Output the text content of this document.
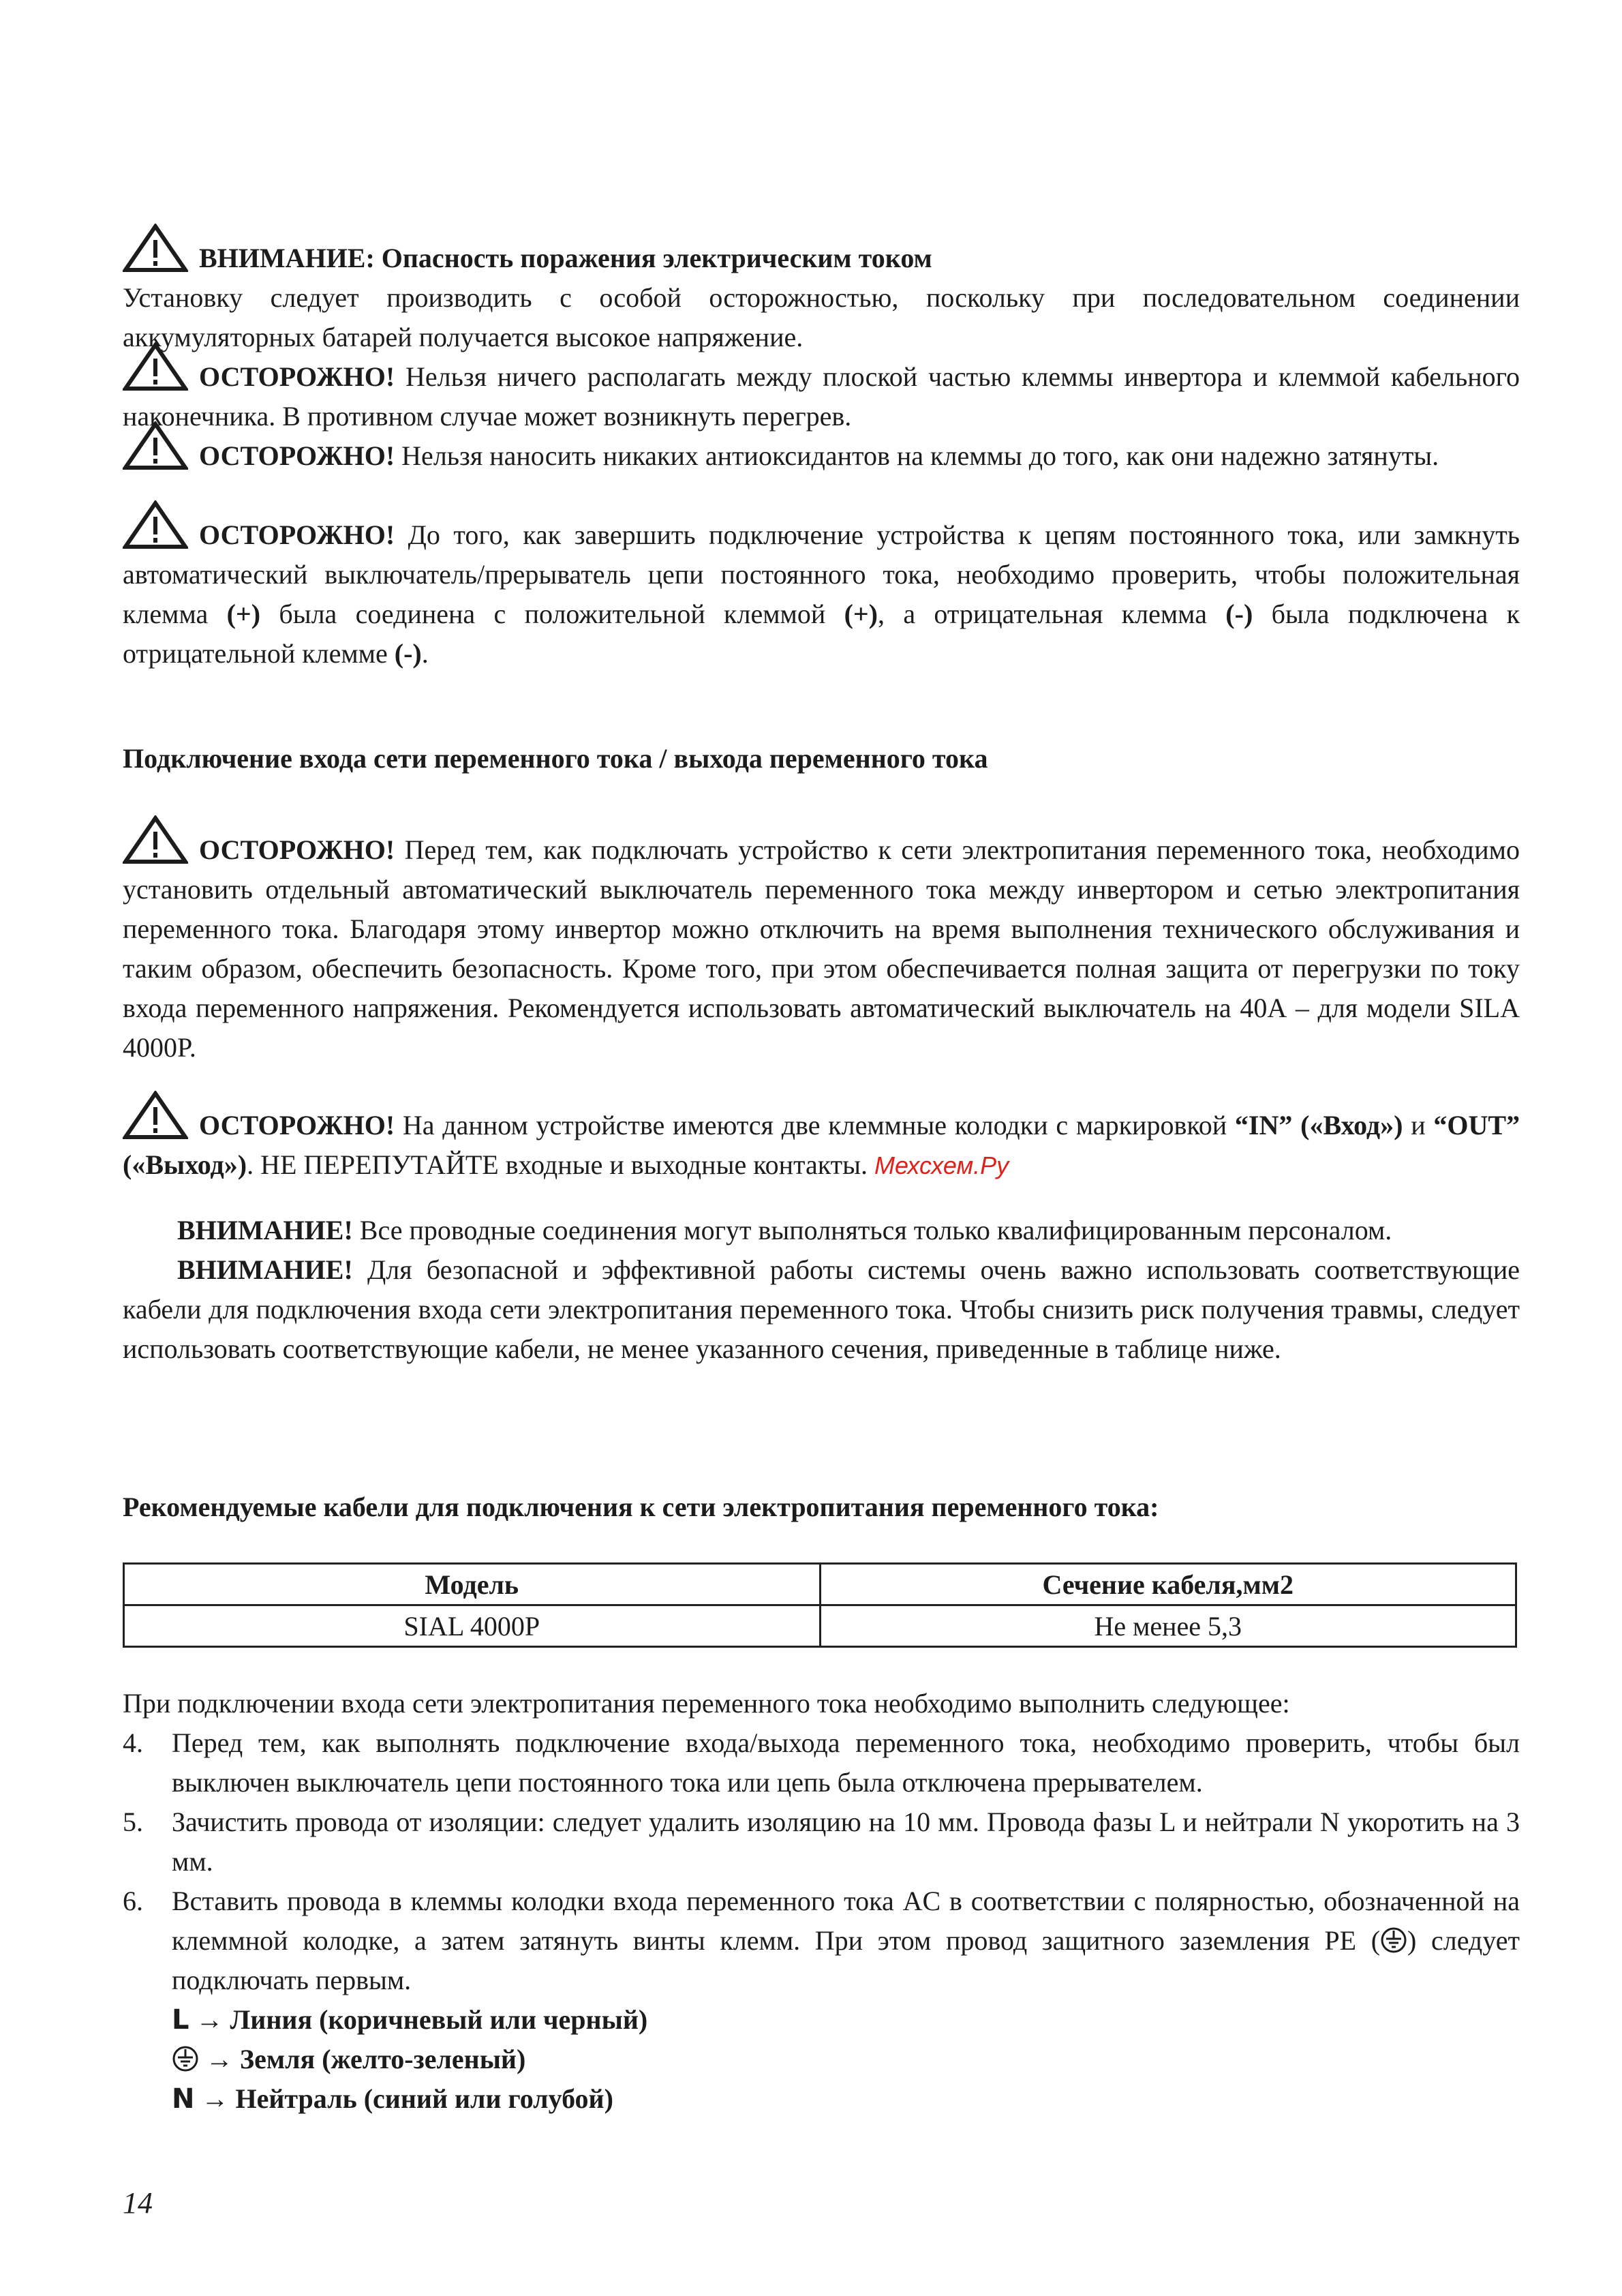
ВНИМАНИЕ: Опасность поражения электрическим током
Установку следует производить с особой осторожностью, поскольку при последовательном соединении аккумуляторных батарей получается высокое напряжение.

ОСТОРОЖНО! Нельзя ничего располагать между плоской частью клеммы инвертора и клеммой кабельного наконечника. В противном случае может возникнуть перегрев.

ОСТОРОЖНО! Нельзя наносить никаких антиоксидантов на клеммы до того, как они надежно затянуты.

ОСТОРОЖНО! До того, как завершить подключение устройства к цепям постоянного тока, или замкнуть автоматический выключатель/прерыватель цепи постоянного тока, необходимо проверить, чтобы положительная клемма (+) была соединена с положительной клеммой (+), а отрицательная клемма (-) была подключена к отрицательной клемме (-).

Подключение входа сети переменного тока / выхода переменного тока

ОСТОРОЖНО! Перед тем, как подключать устройство к сети электропитания переменного тока, необходимо установить отдельный автоматический выключатель переменного тока между инвертором и сетью электропитания переменного тока. Благодаря этому инвертор можно отключить на время выполнения технического обслуживания и таким образом, обеспечить безопасность. Кроме того, при этом обеспечивается полная защита от перегрузки по току входа переменного напряжения. Рекомендуется использовать автоматический выключатель на 40А – для модели SILA 4000P.

ОСТОРОЖНО! На данном устройстве имеются две клеммные колодки с маркировкой “IN” («Вход») и “OUT” («Выход»). НЕ ПЕРЕПУТАЙТЕ входные и выходные контакты. Мехсхем.Ру

ВНИМАНИЕ! Все проводные соединения могут выполняться только квалифицированным персоналом.

ВНИМАНИЕ! Для безопасной и эффективной работы системы очень важно использовать соответствующие кабели для подключения входа сети электропитания переменного тока. Чтобы снизить риск получения травмы, следует использовать соответствующие кабели, не менее указанного сечения, приведенные в таблице ниже.

Рекомендуемые кабели для подключения к сети электропитания переменного тока:

Модель	Сечение кабеля,мм2
SIAL 4000P	Не менее 5,3

При подключении входа сети электропитания переменного тока необходимо выполнить следующее:

4. Перед тем, как выполнять подключение входа/выхода переменного тока, необходимо проверить, чтобы был выключен выключатель цепи постоянного тока или цепь была отключена прерывателем.
5. Зачистить провода от изоляции: следует удалить изоляцию на 10 мм. Провода фазы L и нейтрали N укоротить на 3 мм.
6. Вставить провода в клеммы колодки входа переменного тока AC в соответствии с полярностью, обозначенной на клеммной колодке, а затем затянуть винты клемм. При этом провод защитного заземления PE ( ) следует подключать первым.
L → Линия (коричневый или черный)
→ Земля (желто-зеленый)
N → Нейтраль (синий или голубой)
14
